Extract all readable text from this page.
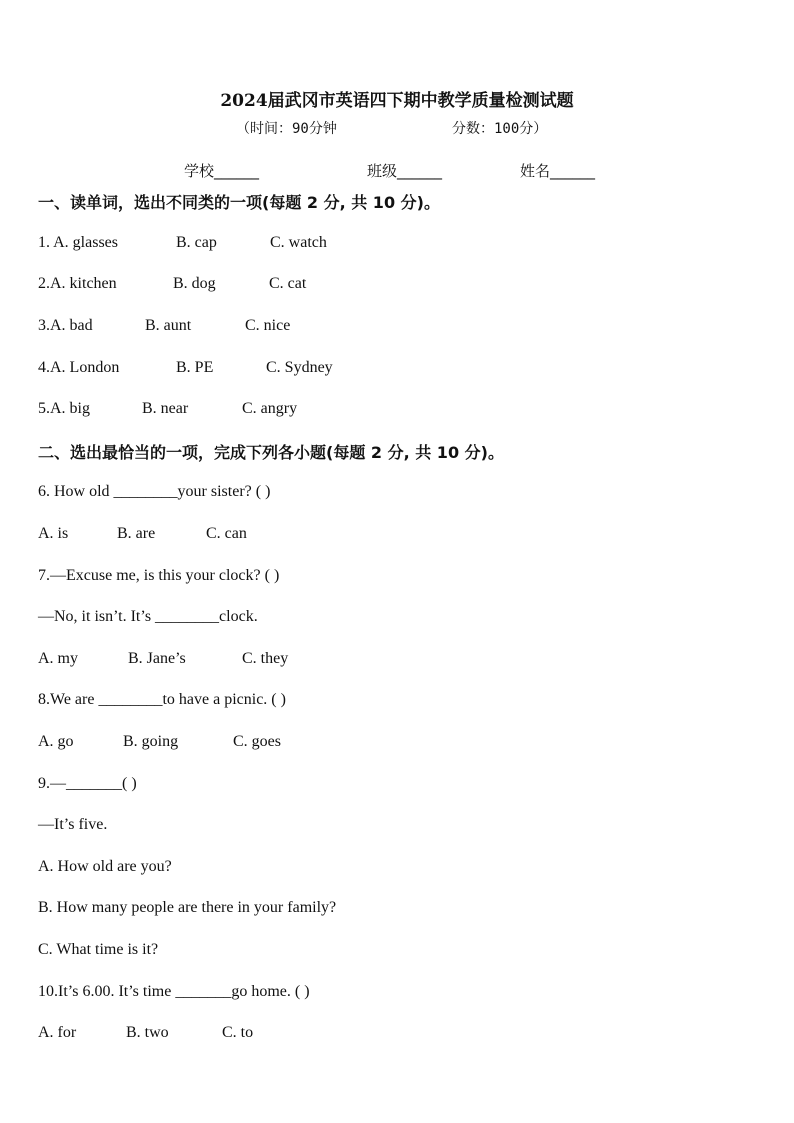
2024届武冈市英语四下期中教学质量检测试题
（时间：90分钟	分数：100分）
学校______	班级______	姓名______
一、读单词，选出不同类的一项(每题 2 分, 共 10 分)。
1. A. glasses	B. cap	C. watch
2.A. kitchen	B. dog	C. cat
3.A. bad	B. aunt	C. nice
4.A. London	B. PE	C. Sydney
5.A. big	B. near	C. angry
二、选出最恰当的一项，完成下列各小题(每题 2 分, 共 10 分)。
6. How old ________your sister? ( )
A. is	B. are	C. can
7.—Excuse me, is this your clock? ( )
—No, it isn’t. It’s ________clock.
A. my	B. Jane’s	C. they
8.We are ________to have a picnic. ( )
A. go	B. going	C. goes
9.—_______( )
—It’s five.
A. How old are you?
B. How many people are there in your family?
C. What time is it?
10.It’s 6.00. It’s time _______go home. ( )
A. for	B. two	C. to
